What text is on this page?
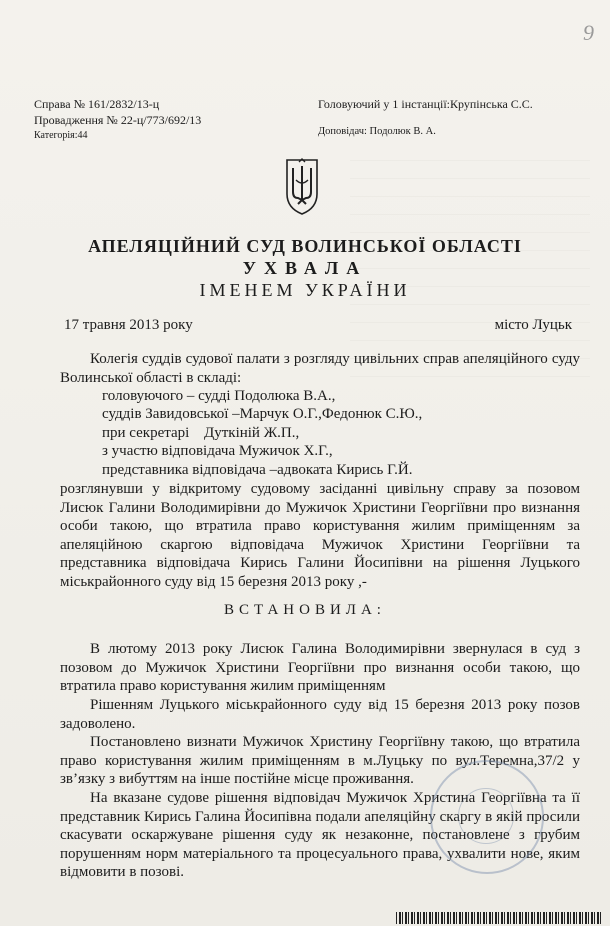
9
Справа № 161/2832/13-ц
Провадження № 22-ц/773/692/13
Категорія:44
Головуючий у 1 інстанції:Крупінська С.С.
Доповідач: Подолюк В. А.
АПЕЛЯЦІЙНИЙ СУД ВОЛИНСЬКОЇ ОБЛАСТІ
УХВАЛА
ІМЕНЕМ УКРАЇНИ
17 травня 2013 року	місто Луцьк
Колегія суддів судової палати з розгляду цивільних справ апеляційного суду Волинської області в складі:
головуючого – судді Подолюка В.А.,
суддів Завидовської –Марчук О.Г.,Федонюк С.Ю.,
при секретарі Дуткіній Ж.П.,
з участю відповідача Мужичок Х.Г.,
представника відповідача –адвоката Кирись Г.Й.
розглянувши у відкритому судовому засіданні цивільну справу за позовом Лисюк Галини Володимирівни до Мужичок Христини Георгіївни про визнання особи такою, що втратила право користування жилим приміщенням за апеляційною скаргою відповідача Мужичок Христини Георгіївни та представника відповідача Кирись Галини Йосипівни на рішення Луцького міськрайонного суду від 15 березня 2013 року ,-
ВСТАНОВИЛА:
В лютому 2013 року Лисюк Галина Володимирівни звернулася в суд з позовом до Мужичок Христини Георгіївни про визнання особи такою, що втратила право користування жилим приміщенням
Рішенням Луцького міськрайонного суду від 15 березня 2013 року позов задоволено.
Постановлено визнати Мужичок Христину Георгіївну такою, що втратила право користування жилим приміщенням в м.Луцьку по вул.Теремна,37/2 у зв’язку з вибуттям на інше постійне місце проживання.
На вказане судове рішення відповідач Мужичок Христина Георгіївна та її представник Кирись Галина Йосипівна подали апеляційну скаргу в якій просили скасувати оскаржуване рішення суду як незаконне, постановлене з грубим порушенням норм матеріального та процесуального права, ухвалити нове, яким відмовити в позові.
